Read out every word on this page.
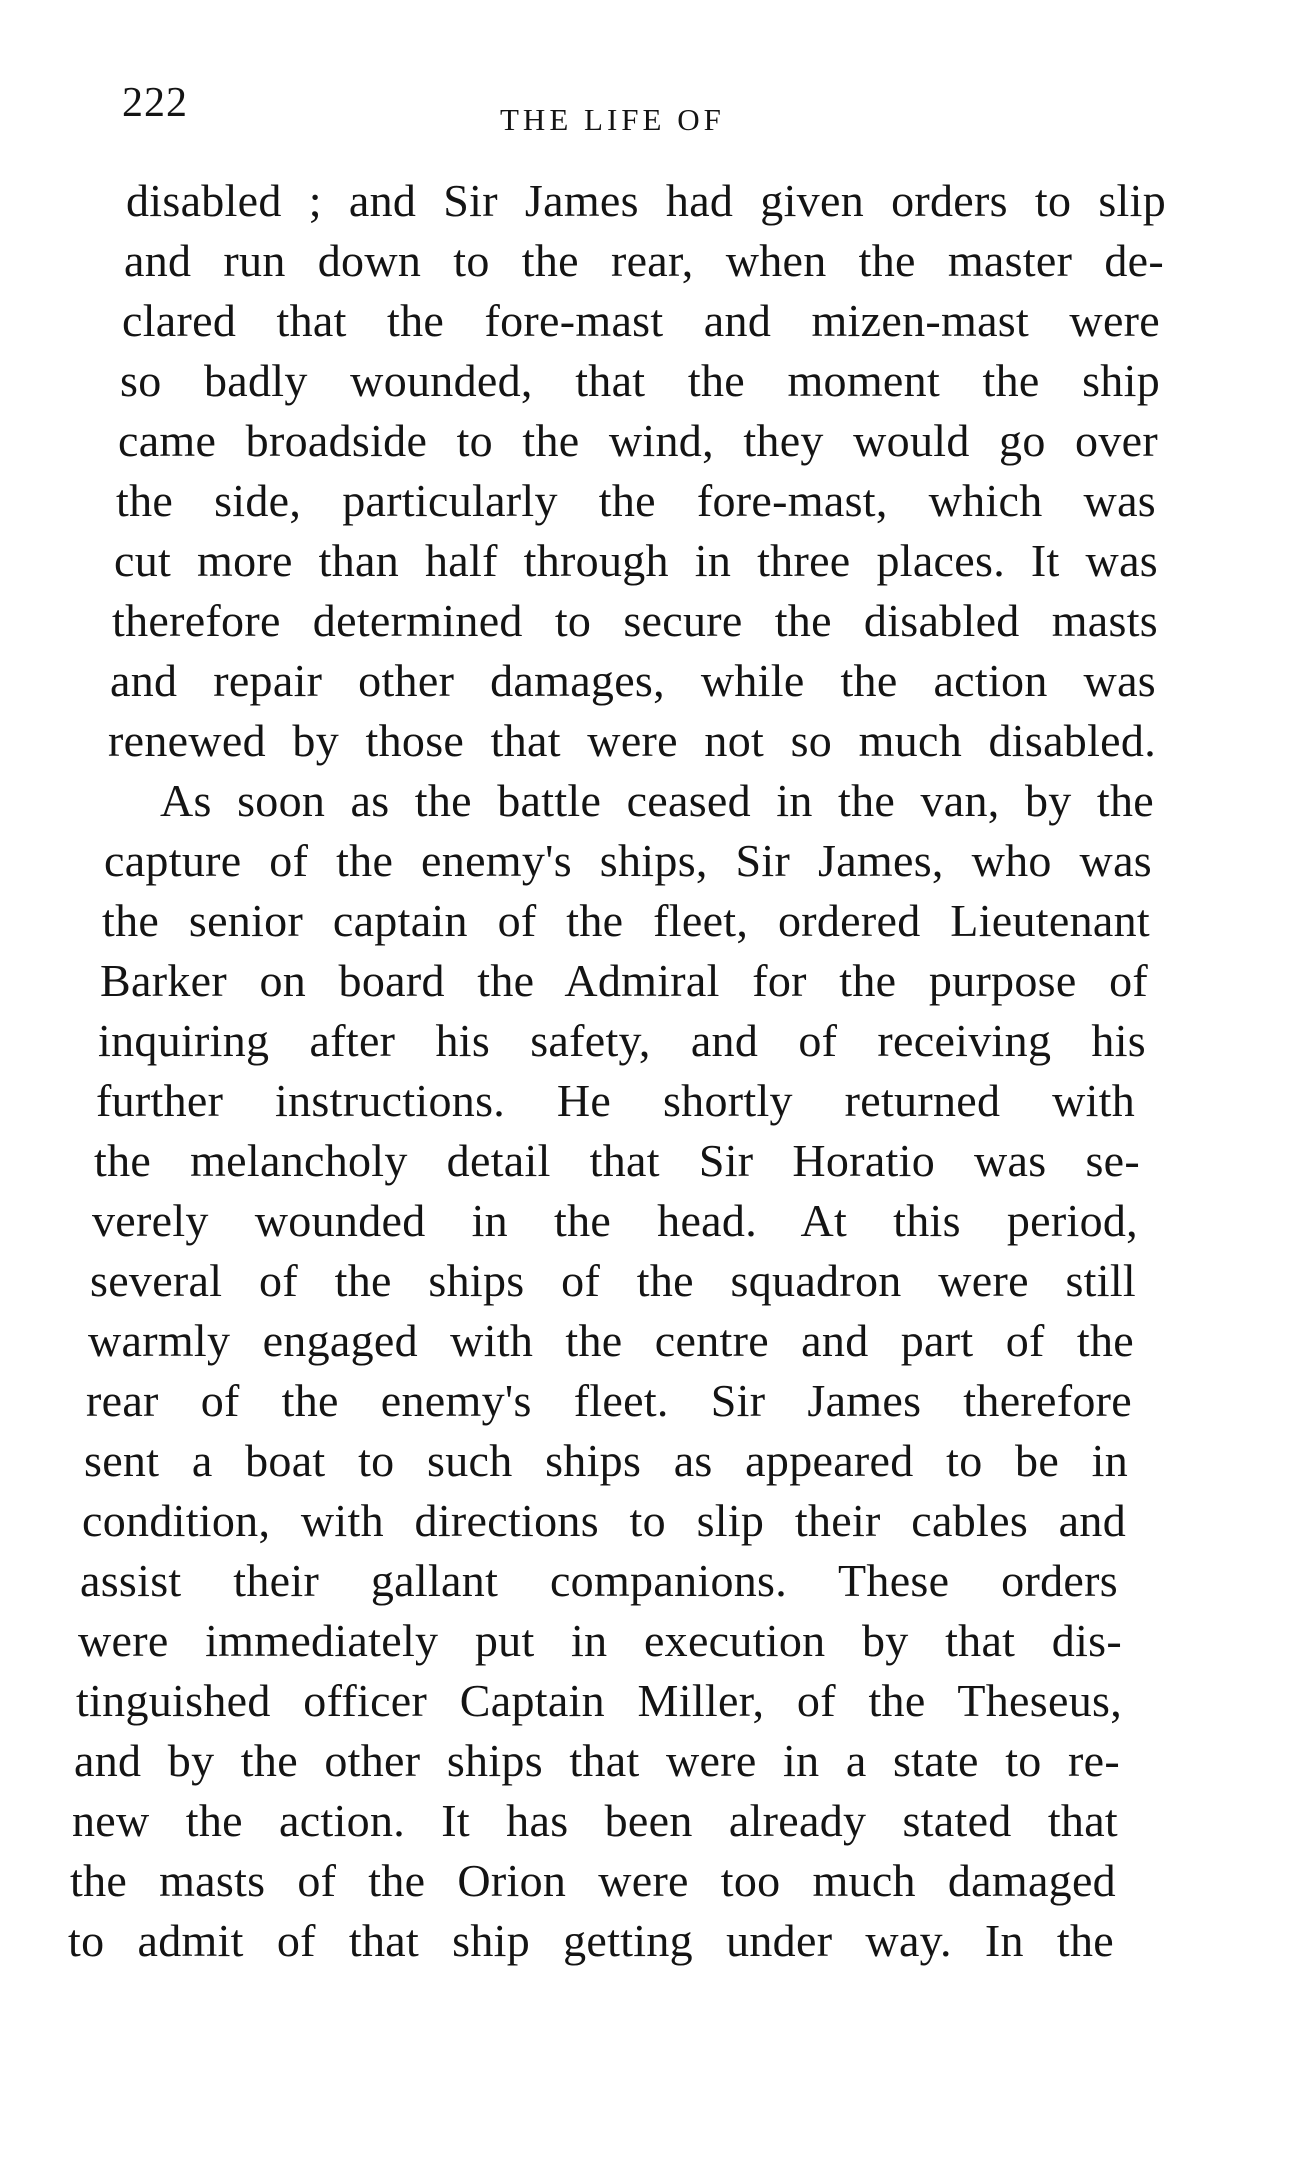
222	THE LIFE OF
disabled ; and Sir James had given orders to slip
and run down to the rear, when the master de-
clared that the fore-mast and mizen-mast were
so badly wounded, that the moment the ship
came broadside to the wind, they would go over
the side, particularly the fore-mast, which was
cut more than half through in three places. It was
therefore determined to secure the disabled masts
and repair other damages, while the action was
renewed by those that were not so much disabled.
As soon as the battle ceased in the van, by the
capture of the enemy's ships, Sir James, who was
the senior captain of the fleet, ordered Lieutenant
Barker on board the Admiral for the purpose of
inquiring after his safety, and of receiving his
further instructions. He shortly returned with
the melancholy detail that Sir Horatio was se-
verely wounded in the head. At this period,
several of the ships of the squadron were still
warmly engaged with the centre and part of the
rear of the enemy's fleet. Sir James therefore
sent a boat to such ships as appeared to be in
condition, with directions to slip their cables and
assist their gallant companions. These orders
were immediately put in execution by that dis-
tinguished officer Captain Miller, of the Theseus,
and by the other ships that were in a state to re-
new the action. It has been already stated that
the masts of the Orion were too much damaged
to admit of that ship getting under way. In the
